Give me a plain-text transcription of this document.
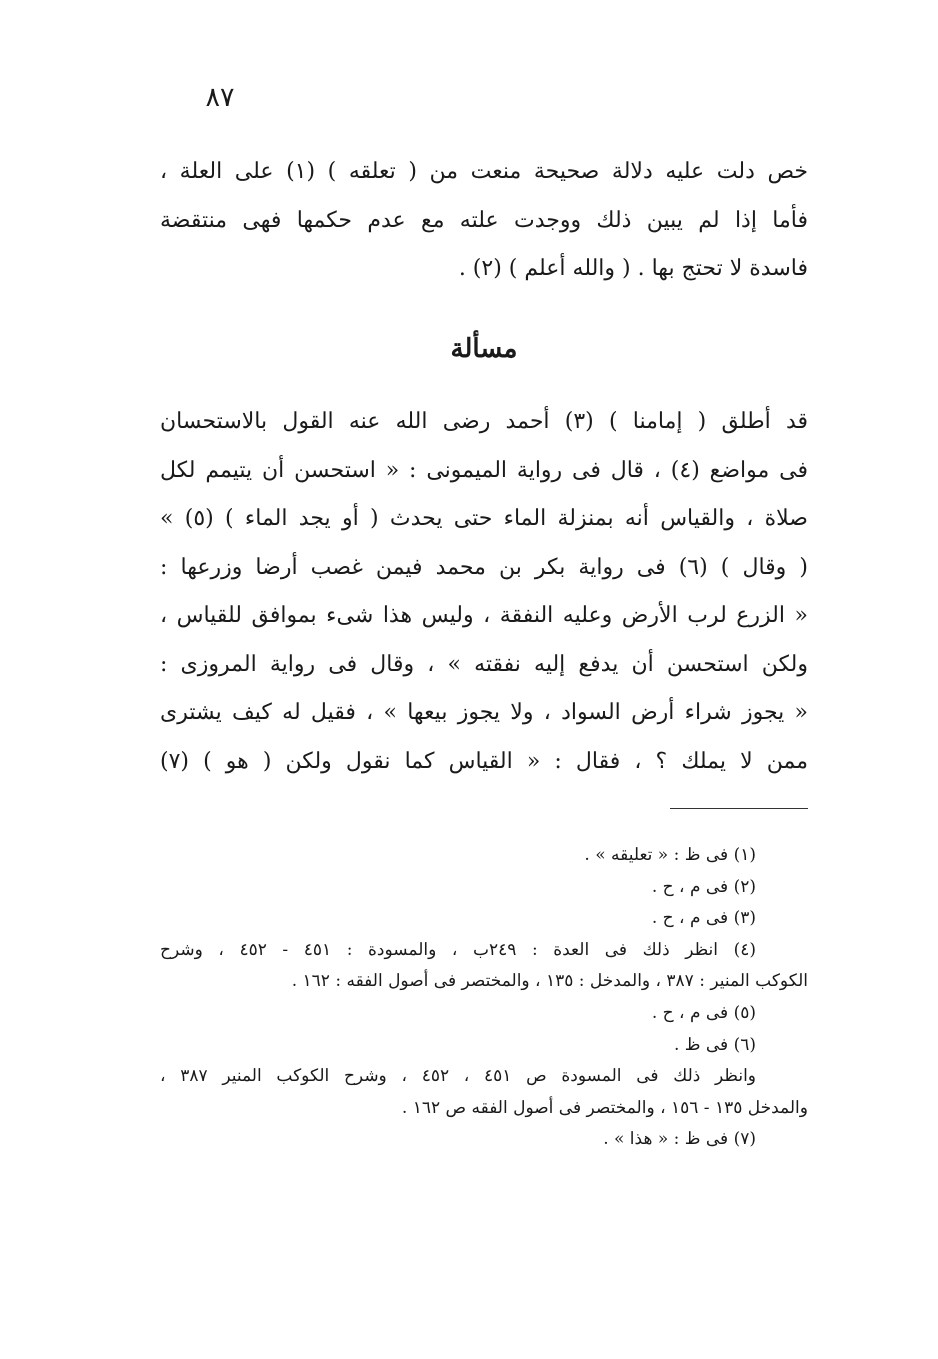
٨٧
خص دلت عليه دلالة صحيحة منعت من ( تعلقه ) (١) على العلة ،
فأما إذا لم يبين ذلك ووجدت علته مع عدم حكمها فهى منتقضة
فاسدة لا تحتج بها . ( والله أعلم ) (٢) .
مسألة
قد أطلق ( إمامنا ) (٣) أحمد رضى الله عنه القول بالاستحسان
فى مواضع (٤) ، قال فى رواية الميمونى : « استحسن أن يتيمم لكل
صلاة ، والقياس أنه بمنزلة الماء حتى يحدث ( أو يجد الماء ) (٥) »
( وقال ) (٦) فى رواية بكر بن محمد فيمن غصب أرضا وزرعها :
« الزرع لرب الأرض وعليه النفقة ، وليس هذا شىء بموافق للقياس ،
ولكن استحسن أن يدفع إليه نفقته » ، وقال فى رواية المروزى :
« يجوز شراء أرض السواد ، ولا يجوز بيعها » ، فقيل له كيف يشترى
ممن لا يملك ؟ ، فقال : « القياس كما نقول ولكن ( هو ) (٧)
(١) فى ظ : « تعليقه » .
(٢) فى م ، ح .
(٣) فى م ، ح .
(٤) انظر ذلك فى العدة : ٢٤٩ب ، والمسودة : ٤٥١ - ٤٥٢ ، وشرح
الكوكب المنير : ٣٨٧ ، والمدخل : ١٣٥ ، والمختصر فى أصول الفقه : ١٦٢ .
(٥) فى م ، ح .
(٦) فى ظ .
وانظر ذلك فى المسودة ص ٤٥١ ، ٤٥٢ ، وشرح الكوكب المنير ٣٨٧ ،
والمدخل ١٣٥ - ١٥٦ ، والمختصر فى أصول الفقه ص ١٦٢ .
(٧) فى ظ : « هذا » .
